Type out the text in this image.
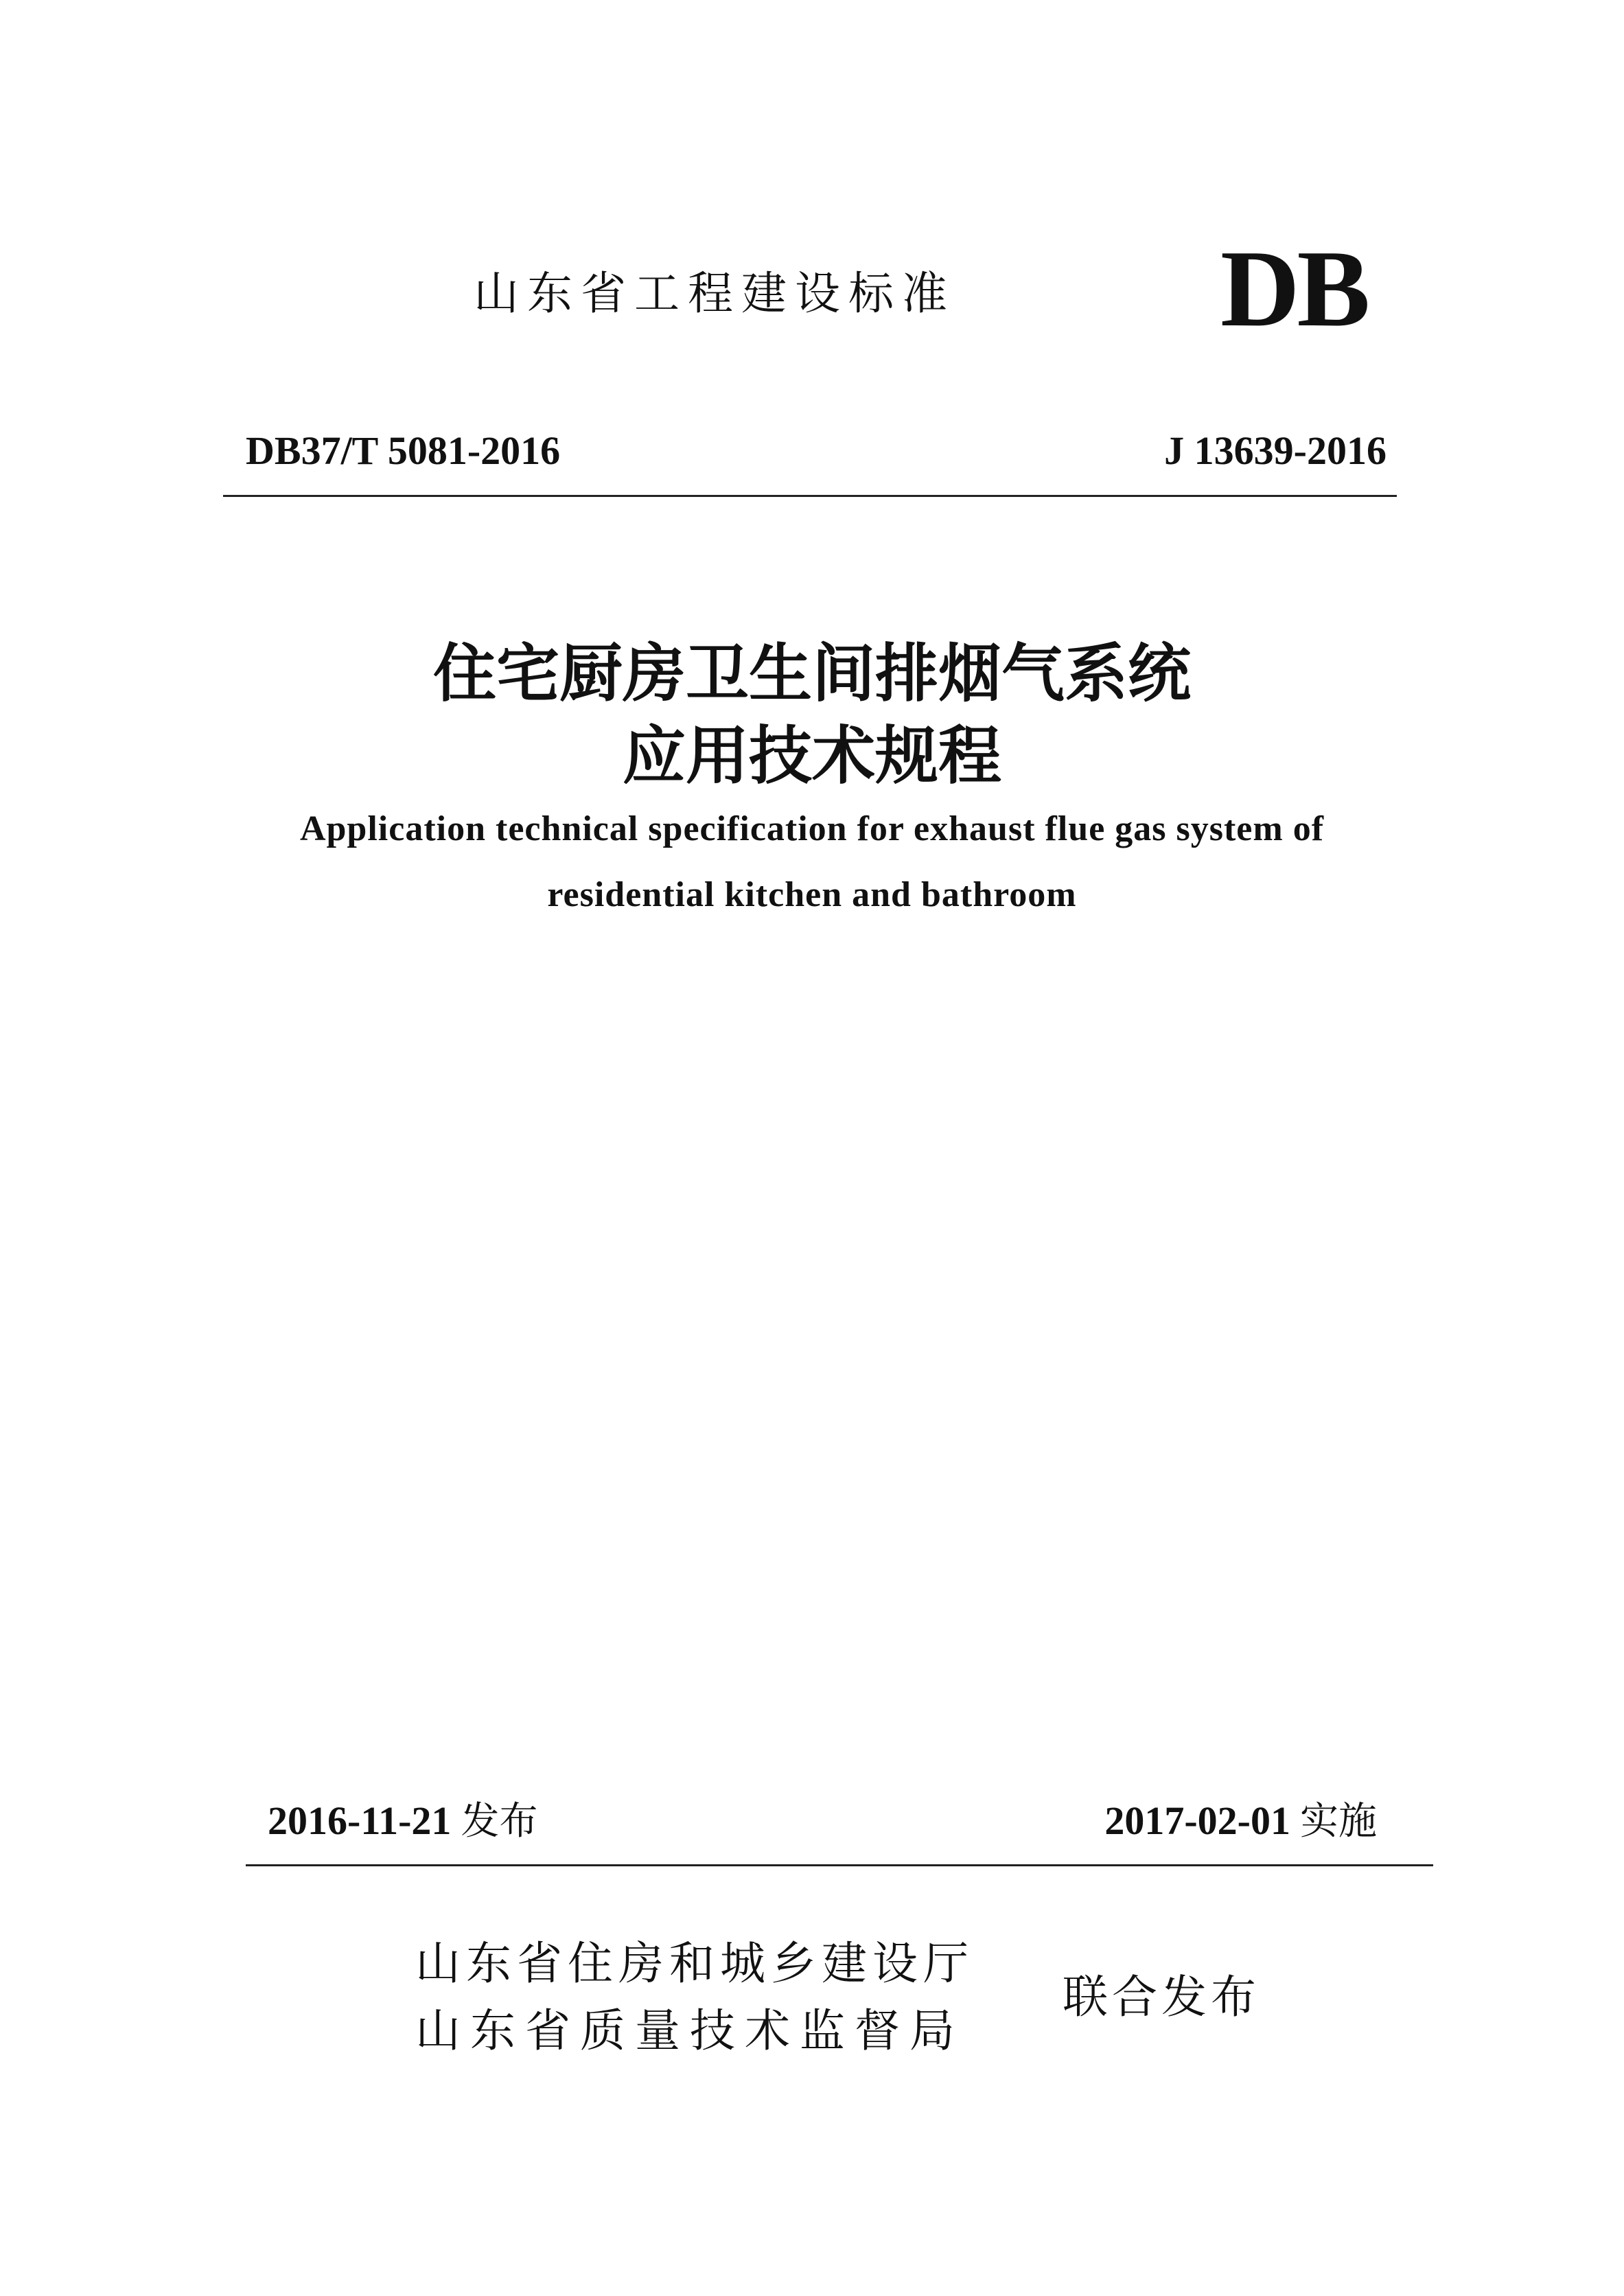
山东省工程建设标准 DB
DB37/T 5081-2016	J 13639-2016
住宅厨房卫生间排烟气系统
应用技术规程
Application technical specification for exhaust flue gas system of
residential kitchen and bathroom
2016-11-21 发布	2017-02-01 实施
山东省住房和城乡建设厅
山东省质量技术监督局
联合发布
